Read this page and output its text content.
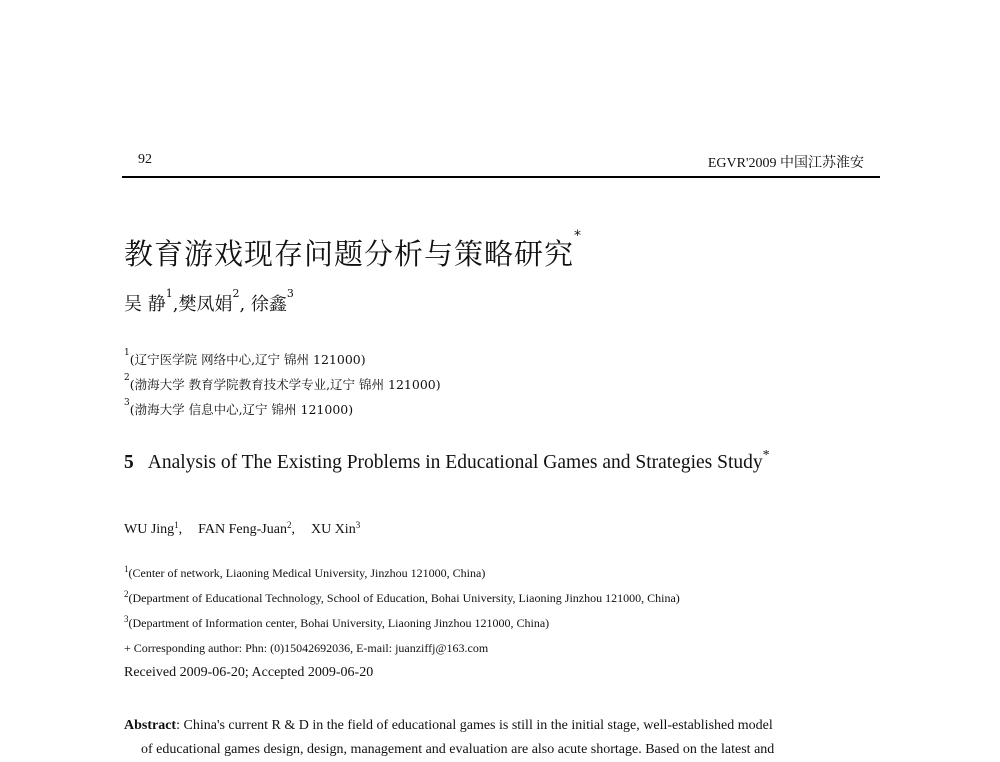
92	EGVR'2009 中国江苏淮安
教育游戏现存问题分析与策略研究*
吴 静$^1$,樊凤娟$^2$, 徐鑫$^3$
$^1$(辽宁医学院 网络中心,辽宁 锦州 121000)
$^2$(渤海大学 教育学院教育技术学专业,辽宁 锦州 121000)
$^3$(渤海大学 信息中心,辽宁 锦州 121000)
5 Analysis of The Existing Problems in Educational Games and Strategies Study*
WU Jing$^1$, FAN Feng-Juan$^2$, XU Xin$^3$
$^1$(Center of network, Liaoning Medical University, Jinzhou 121000, China)
$^2$(Department of Educational Technology, School of Education, Bohai University, Liaoning Jinzhou 121000, China)
$^3$(Department of Information center, Bohai University, Liaoning Jinzhou 121000, China)
+ Corresponding author: Phn: (0)15042692036, E-mail: juanziffj@163.com
Received 2009-06-20; Accepted 2009-06-20
Abstract: China's current R & D in the field of educational games is still in the initial stage, well-established model
of educational games design, design, management and evaluation are also acute shortage. Based on the latest and
